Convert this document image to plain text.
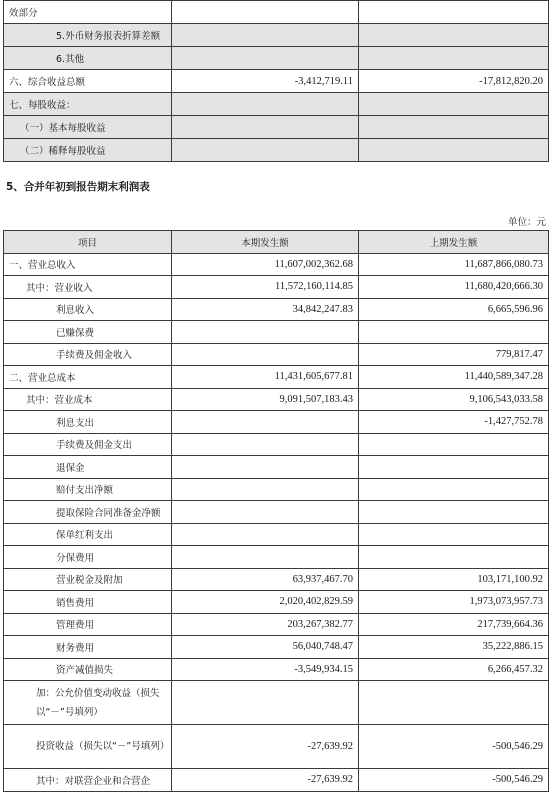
效部分		
5.外币财务报表折算差额		
6.其他		
六、综合收益总额	-3,412,719.11	-17,812,820.20
七、每股收益：		
（一）基本每股收益		
（二）稀释每股收益		
5、合并年初到报告期末利润表
单位：元
项目	本期发生额	上期发生额
一、营业总收入	11,607,002,362.68	11,687,866,080.73
其中：营业收入	11,572,160,114.85	11,680,420,666.30
利息收入	34,842,247.83	6,665,596.96
已赚保费		
手续费及佣金收入		779,817.47
二、营业总成本	11,431,605,677.81	11,440,589,347.28
其中：营业成本	9,091,507,183.43	9,106,543,033.58
利息支出		-1,427,752.78
手续费及佣金支出		
退保金		
赔付支出净额		
提取保险合同准备金净额		
保单红利支出		
分保费用		
营业税金及附加	63,937,467.70	103,171,100.92
销售费用	2,020,402,829.59	1,973,073,957.73
管理费用	203,267,382.77	217,739,664.36
财务费用	56,040,748.47	35,222,886.15
资产减值损失	-3,549,934.15	6,266,457.32
加：公允价值变动收益（损失以“－”号填列）		
投资收益（损失以“－”号填列）	-27,639.92	-500,546.29
其中：对联营企业和合营企	-27,639.92	-500,546.29
